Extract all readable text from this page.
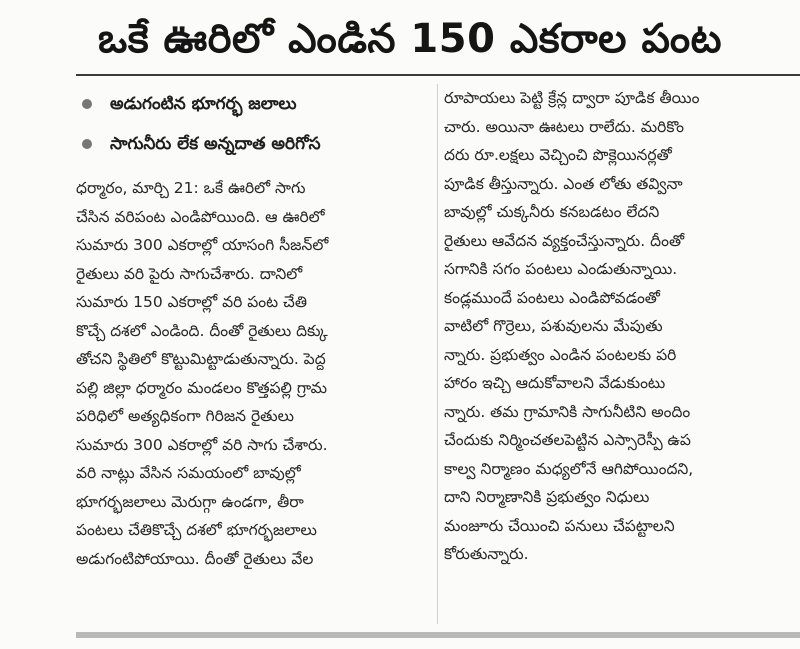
ఒకే ఊరిలో ఎండిన 150 ఎకరాల పంట
అడుగంటిన భూగర్భ జలాలు
సాగునీరు లేక అన్నదాత అరిగోస
ధర్మారం, మార్చి 21: ఒకే ఊరిలో సాగు
చేసిన వరిపంట ఎండిపోయింది. ఆ ఊరిలో
సుమారు 300 ఎకరాల్లో యాసంగి సీజన్‌లో
రైతులు వరి పైరు సాగుచేశారు. దానిలో
సుమారు 150 ఎకరాల్లో వరి పంట చేతి
కొచ్చే దశలో ఎండింది. దీంతో రైతులు దిక్కు
తోచని స్థితిలో కొట్టుమిట్టాడుతున్నారు. పెద్ద
పల్లి జిల్లా ధర్మారం మండలం కొత్తపల్లి గ్రామ
పరిధిలో అత్యధికంగా గిరిజన రైతులు
సుమారు 300 ఎకరాల్లో వరి సాగు చేశారు.
వరి నాట్లు వేసిన సమయంలో బావుల్లో
భూగర్భజలాలు మెరుగ్గా ఉండగా, తీరా
పంటలు చేతికొచ్చే దశలో భూగర్భజలాలు
అడుగంటిపోయాయి. దీంతో రైతులు వేల
రూపాయలు పెట్టి క్రేన్ల ద్వారా పూడిక తీయిం
చారు. అయినా ఊటలు రాలేదు. మరికొం
దరు రూ.లక్షలు వెచ్చించి పొక్లెయినర్లతో
పూడిక తీస్తున్నారు. ఎంత లోతు తవ్వినా
బావుల్లో చుక్కనీరు కనబడటం లేదని
రైతులు ఆవేదన వ్యక్తంచేస్తున్నారు. దీంతో
సగానికి సగం పంటలు ఎండుతున్నాయి.
కండ్లముందే పంటలు ఎండిపోవడంతో
వాటిలో గొర్రెలు, పశువులను మేపుతు
న్నారు. ప్రభుత్వం ఎండిన పంటలకు పరి
హారం ఇచ్చి ఆదుకోవాలని వేడుకుంటు
న్నారు. తమ గ్రామానికి సాగునీటిని అందిం
చేందుకు నిర్మించతలపెట్టిన ఎస్సారెస్పీ ఉప
కాల్వ నిర్మాణం మధ్యలోనే ఆగిపోయిందని,
దాని నిర్మాణానికి ప్రభుత్వం నిధులు
మంజూరు చేయించి పనులు చేపట్టాలని
కోరుతున్నారు.
